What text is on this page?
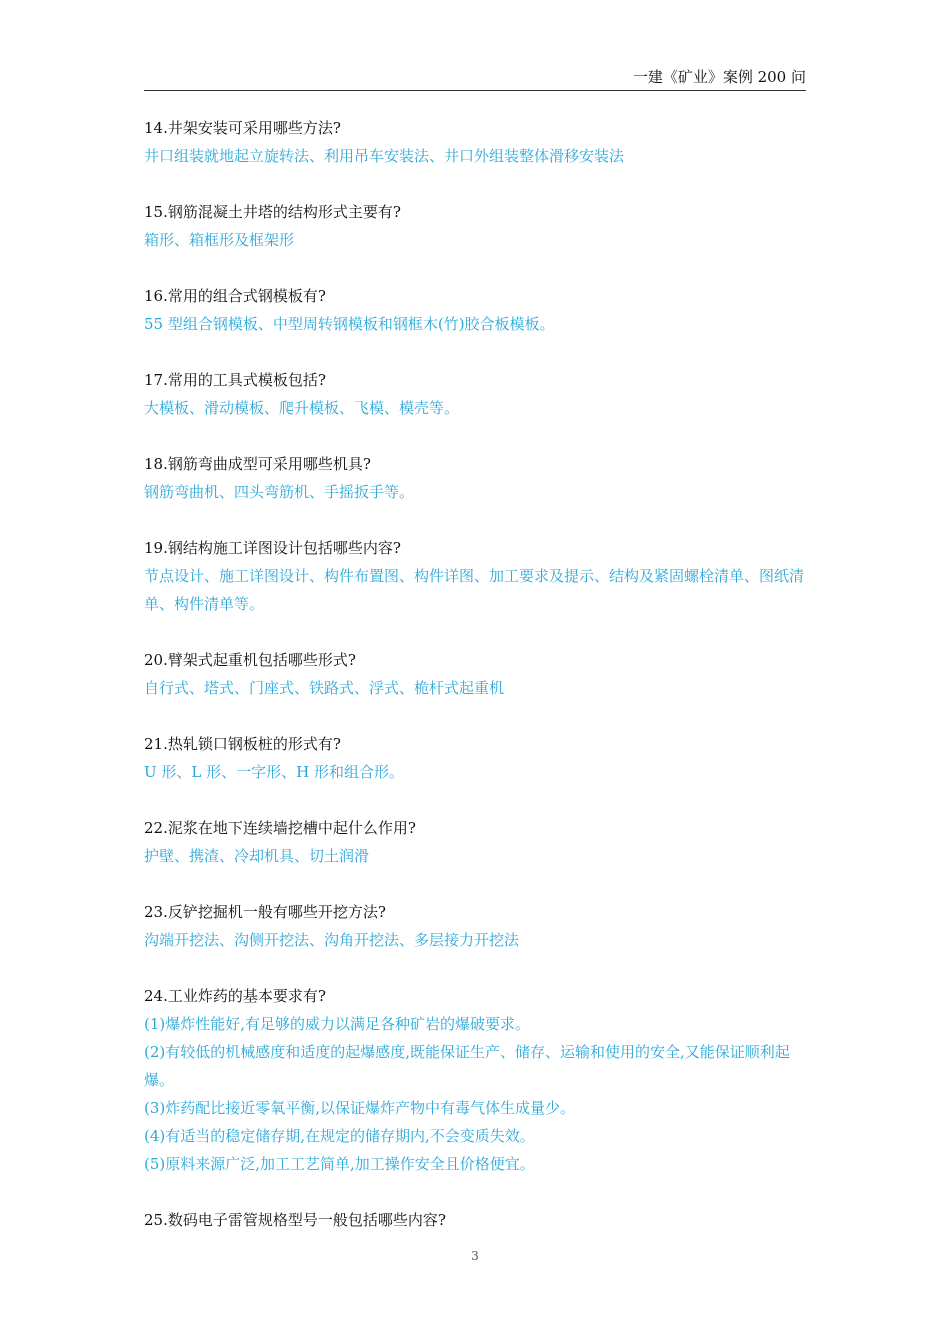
一建《矿业》案例 200 问
14.井架安装可采用哪些方法?
井口组装就地起立旋转法、利用吊车安装法、井口外组装整体滑移安装法
15.钢筋混凝土井塔的结构形式主要有?
箱形、箱框形及框架形
16.常用的组合式钢模板有?
55 型组合钢模板、中型周转钢模板和钢框木(竹)胶合板模板。
17.常用的工具式模板包括?
大模板、滑动模板、爬升模板、飞模、模壳等。
18.钢筋弯曲成型可采用哪些机具?
钢筋弯曲机、四头弯筋机、手摇扳手等。
19.钢结构施工详图设计包括哪些内容?
节点设计、施工详图设计、构件布置图、构件详图、加工要求及提示、结构及紧固螺栓清单、图纸清单、构件清单等。
20.臂架式起重机包括哪些形式?
自行式、塔式、门座式、铁路式、浮式、桅杆式起重机
21.热轧锁口钢板桩的形式有?
U 形、L 形、一字形、H 形和组合形。
22.泥浆在地下连续墙挖槽中起什么作用?
护壁、携渣、冷却机具、切土润滑
23.反铲挖掘机一般有哪些开挖方法?
沟端开挖法、沟侧开挖法、沟角开挖法、多层接力开挖法
24.工业炸药的基本要求有?
(1)爆炸性能好,有足够的威力以满足各种矿岩的爆破要求。
(2)有较低的机械感度和适度的起爆感度,既能保证生产、储存、运输和使用的安全,又能保证顺利起爆。
(3)炸药配比接近零氧平衡,以保证爆炸产物中有毒气体生成量少。
(4)有适当的稳定储存期,在规定的储存期内,不会变质失效。
(5)原料来源广泛,加工工艺简单,加工操作安全且价格便宜。
25.数码电子雷管规格型号一般包括哪些内容?
3
